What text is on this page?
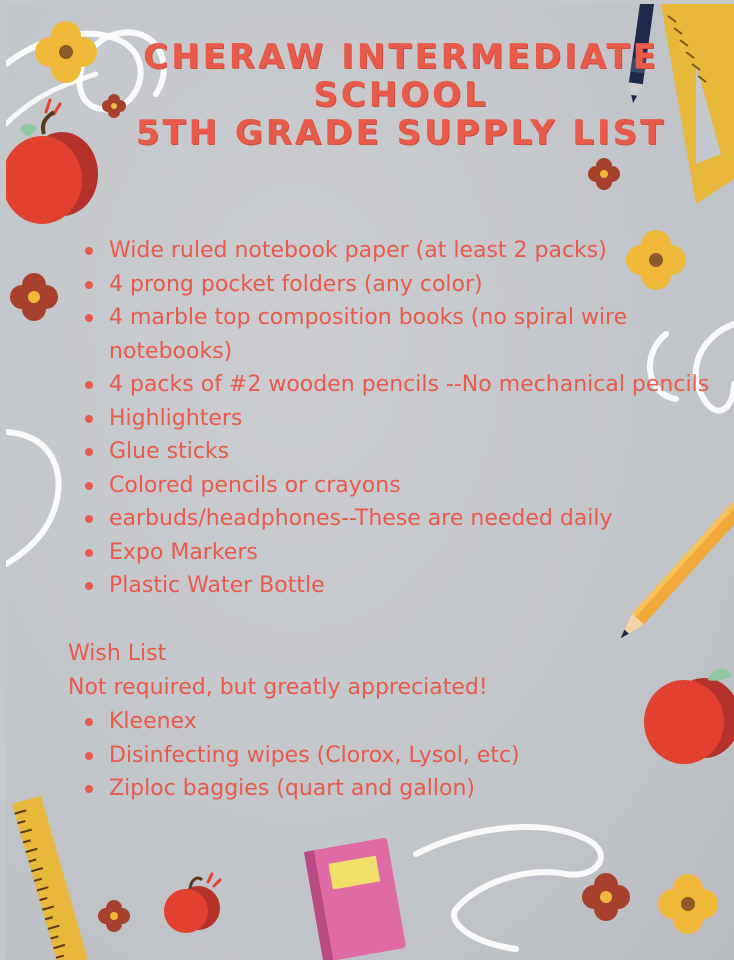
CHERAW INTERMEDIATE
SCHOOL
5TH GRADE SUPPLY LIST
Wide ruled notebook paper (at least 2 packs)
4 prong pocket folders (any color)
4 marble top composition books (no spiral wire
notebooks)
4 packs of #2 wooden pencils --No mechanical pencils
Highlighters
Glue sticks
Colored pencils or crayons
earbuds/headphones--These are needed daily
Expo Markers
Plastic Water Bottle

Wish List

Not required, but greatly appreciated!

Kleenex
Disinfecting wipes (Clorox, Lysol, etc)
Ziploc baggies (quart and gallon)
